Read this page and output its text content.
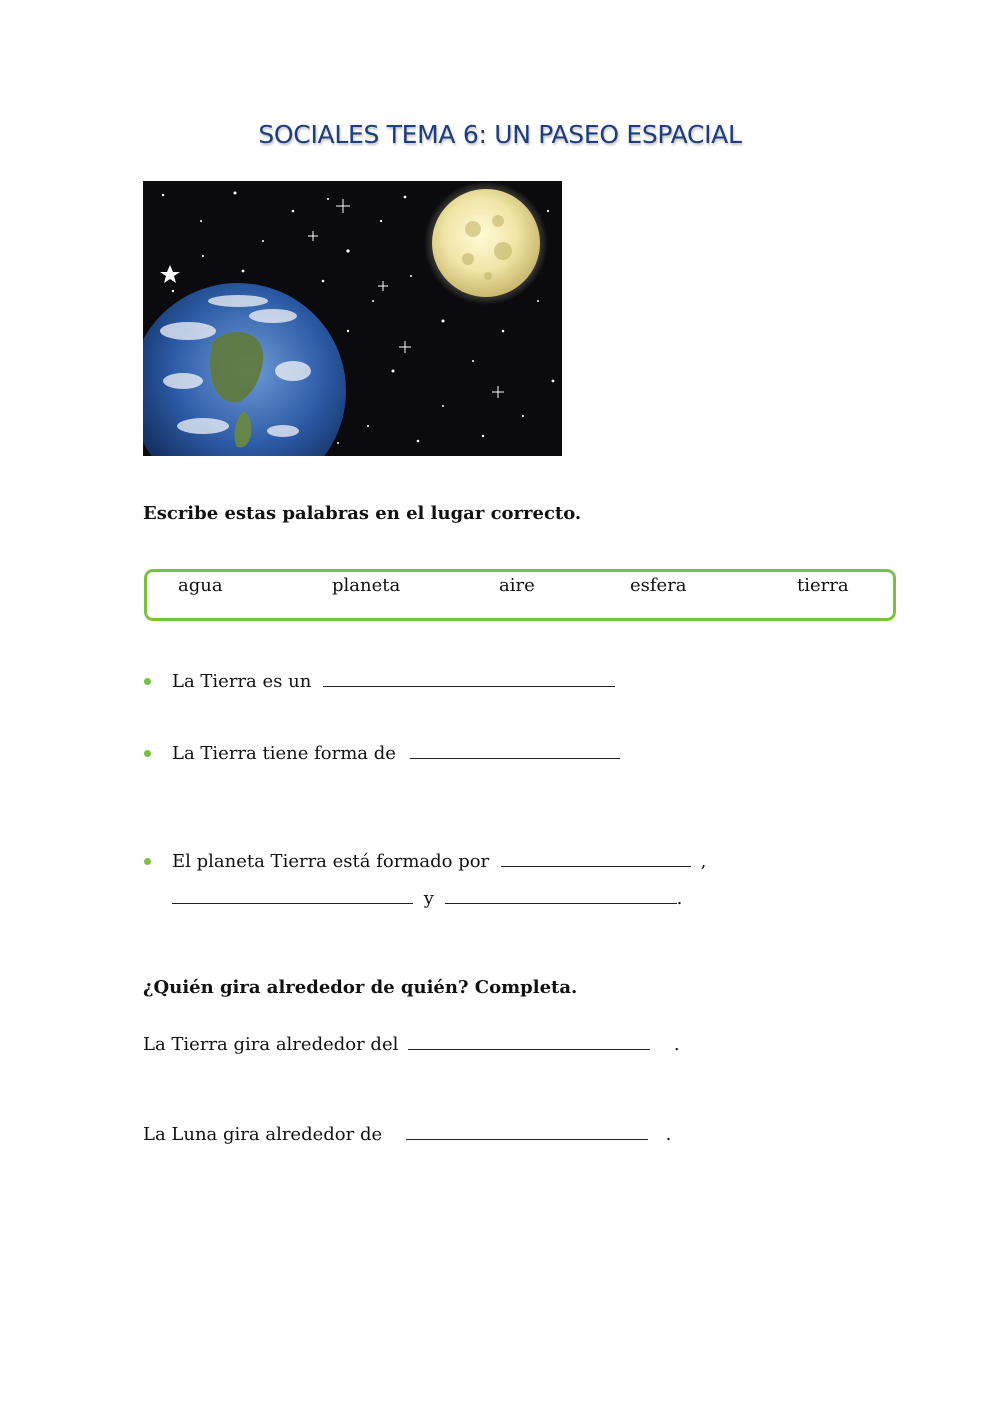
SOCIALES TEMA 6: UN PASEO ESPACIAL
Escribe estas palabras en el lugar correcto.
agua	planeta	aire	esfera	tierra
La Tierra es un
La Tierra tiene forma de
El planeta Tierra está formado por	,
y	.
¿Quién gira alrededor de quién? Completa.
La Tierra gira alrededor del	.
La Luna gira alrededor de	.
